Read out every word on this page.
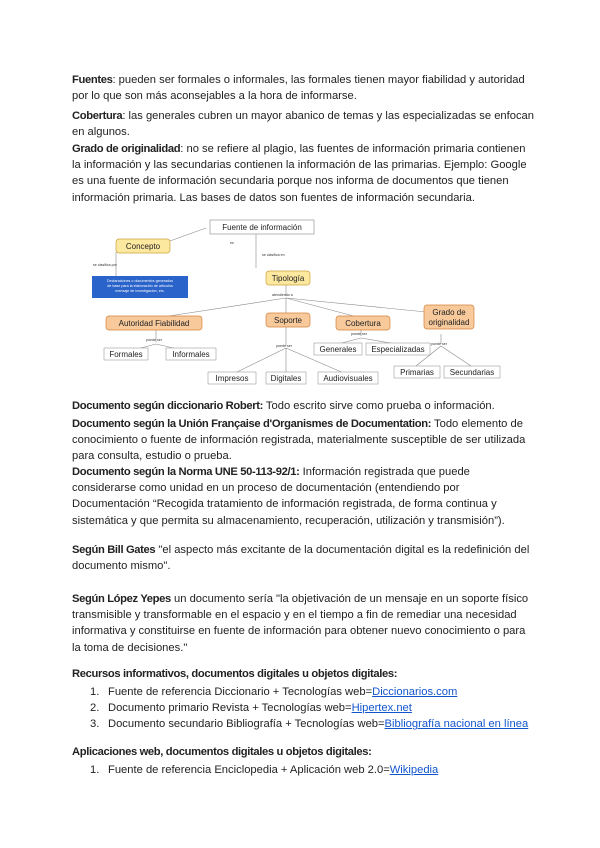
Fuentes: pueden ser formales o informales, las formales tienen mayor fiabilidad y autoridad por lo que son más aconsejables a la hora de informarse.
Cobertura: las generales cubren un mayor abanico de temas y las especializadas se enfocan en algunos.
Grado de originalidad: no se refiere al plagio, las fuentes de información primaria contienen la información y las secundarias contienen la información de las primarias. Ejemplo: Google es una fuente de información secundaria porque nos informa de documentos que tienen información primaria. Las bases de datos son fuentes de información secundaria.
es
se clasifica por
se clasifica en
atendiendo a
puede ser
puede ser
puede ser
puede ser
Fuente de información
Concepto
Declaraciones o documentos generados
de base para la elaboración de artículos
mensaje de investigación, etc.
Tipología
Autoridad Fiabilidad	Soporte	Cobertura
Grado de
originalidad
Formales	Informales
Impresos	Digitales	Audiovisuales
Generales Especializadas
Primarias Secundarias
Documento según diccionario Robert: Todo escrito sirve como prueba o información.
Documento según la Unión Française d'Organismes de Documentation: Todo elemento de conocimiento o fuente de información registrada, materialmente susceptible de ser utilizada para consulta, estudio o prueba.
Documento según la Norma UNE 50-113-92/1: Información registrada que puede considerarse como unidad en un proceso de documentación (entendiendo por Documentación “Recogida tratamiento de información registrada, de forma continua y sistemática y que permita su almacenamiento, recuperación, utilización y transmisión”).
Según Bill Gates "el aspecto más excitante de la documentación digital es la redefinición del documento mismo".
Según López Yepes un documento sería "la objetivación de un mensaje en un soporte físico transmisible y transformable en el espacio y en el tiempo a fin de remediar una necesidad informativa y constituirse en fuente de información para obtener nuevo conocimiento o para la toma de decisiones."
Recursos informativos, documentos digitales u objetos digitales:
1. Fuente de referencia Diccionario + Tecnologías web=Diccionarios.com
2. Documento primario Revista + Tecnologías web=Hipertex.net
3. Documento secundario Bibliografía + Tecnologías web=Bibliografía nacional en línea
Aplicaciones web, documentos digitales u objetos digitales:
1. Fuente de referencia Enciclopedia + Aplicación web 2.0=Wikipedia
